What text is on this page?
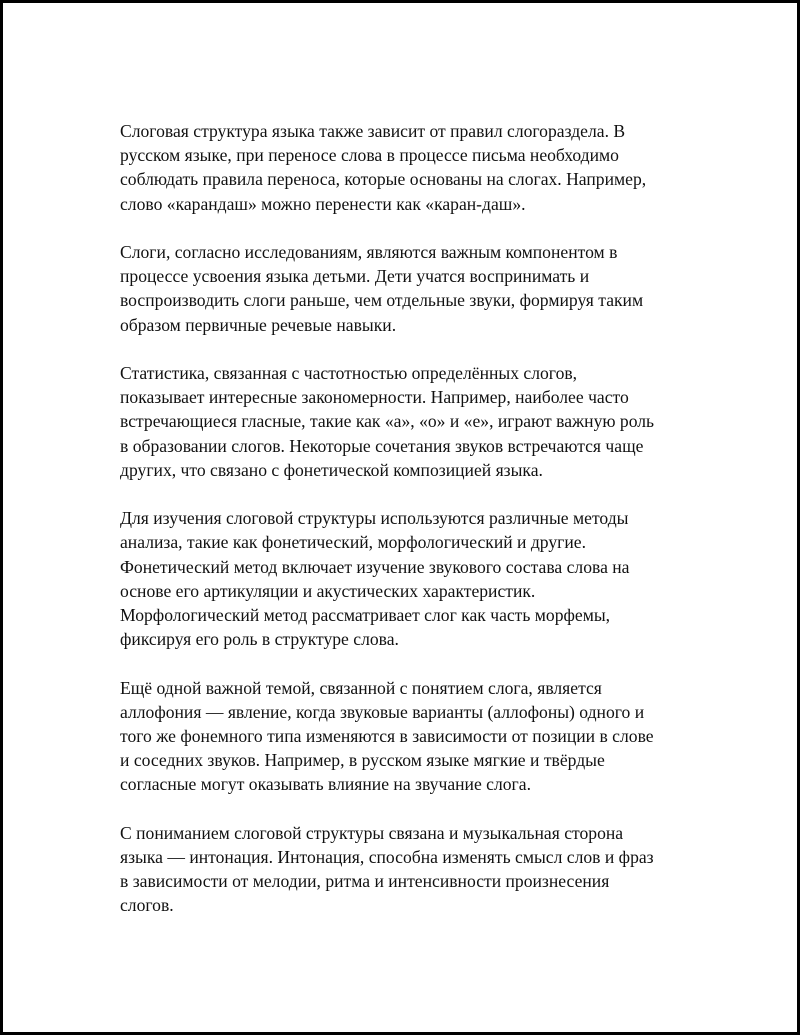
Слоговая структура языка также зависит от правил слогораздела. В
русском языке, при переносе слова в процессе письма необходимо
соблюдать правила переноса, которые основаны на слогах. Например,
слово «карандаш» можно перенести как «каран-даш».

Слоги, согласно исследованиям, являются важным компонентом в
процессе усвоения языка детьми. Дети учатся воспринимать и
воспроизводить слоги раньше, чем отдельные звуки, формируя таким
образом первичные речевые навыки.

Статистика, связанная с частотностью определённых слогов,
показывает интересные закономерности. Например, наиболее часто
встречающиеся гласные, такие как «а», «о» и «е», играют важную роль
в образовании слогов. Некоторые сочетания звуков встречаются чаще
других, что связано с фонетической композицией языка.

Для изучения слоговой структуры используются различные методы
анализа, такие как фонетический, морфологический и другие.
Фонетический метод включает изучение звукового состава слова на
основе его артикуляции и акустических характеристик.
Морфологический метод рассматривает слог как часть морфемы,
фиксируя его роль в структуре слова.

Ещё одной важной темой, связанной с понятием слога, является
аллофония — явление, когда звуковые варианты (аллофоны) одного и
того же фонемного типа изменяются в зависимости от позиции в слове
и соседних звуков. Например, в русском языке мягкие и твёрдые
согласные могут оказывать влияние на звучание слога.

С пониманием слоговой структуры связана и музыкальная сторона
языка — интонация. Интонация, способна изменять смысл слов и фраз
в зависимости от мелодии, ритма и интенсивности произнесения
слогов.
